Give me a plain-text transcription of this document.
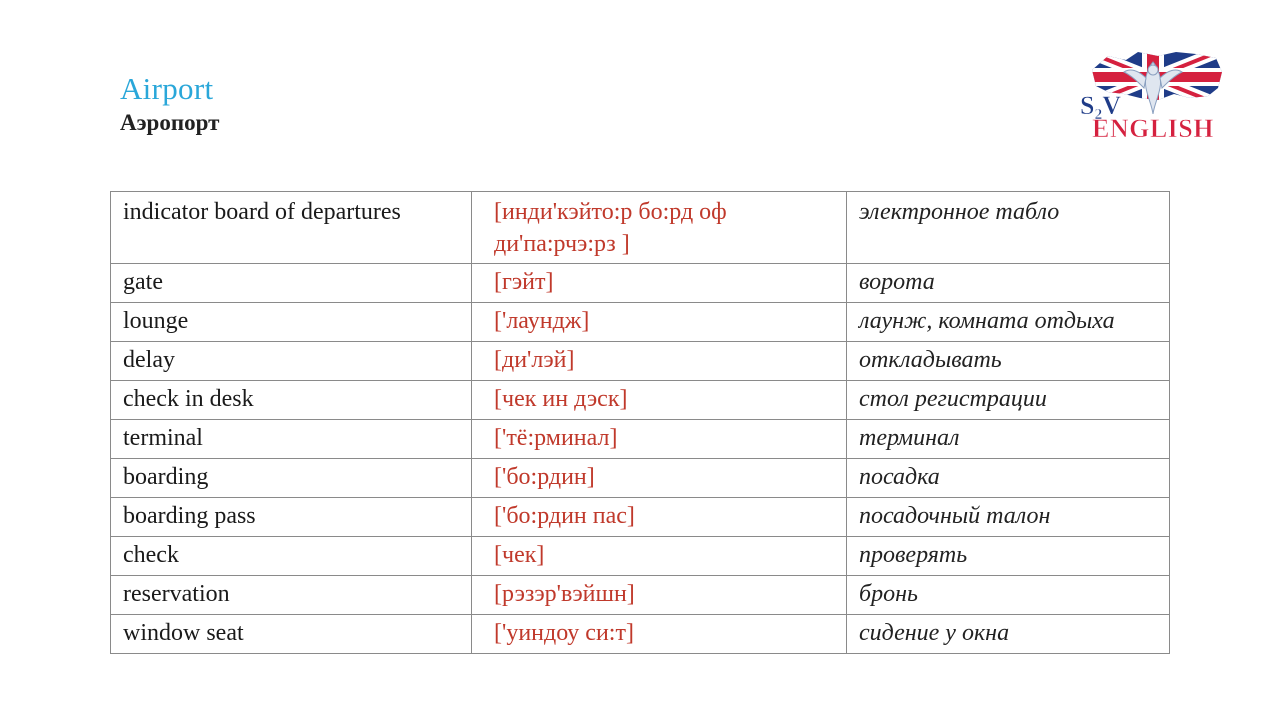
Airport
Аэропорт
S₂V
ENGLISH
indicator board of departures	[инди'кэйто:р бо:рд оф ди'па:рчэ:рз ]	электронное табло
gate	[гэйт]	ворота
lounge	['лаундж]	лаунж, комната отдыха
delay	[ди'лэй]	откладывать
check in desk	[чек ин дэск]	стол регистрации
terminal	['тё:рминал]	терминал
boarding	['бо:рдин]	посадка
boarding pass	['бо:рдин пас]	посадочный талон
check	[чек]	проверять
reservation	[рэзэр'вэйшн]	бронь
window seat	['уиндоу си:т]	сидение у окна
